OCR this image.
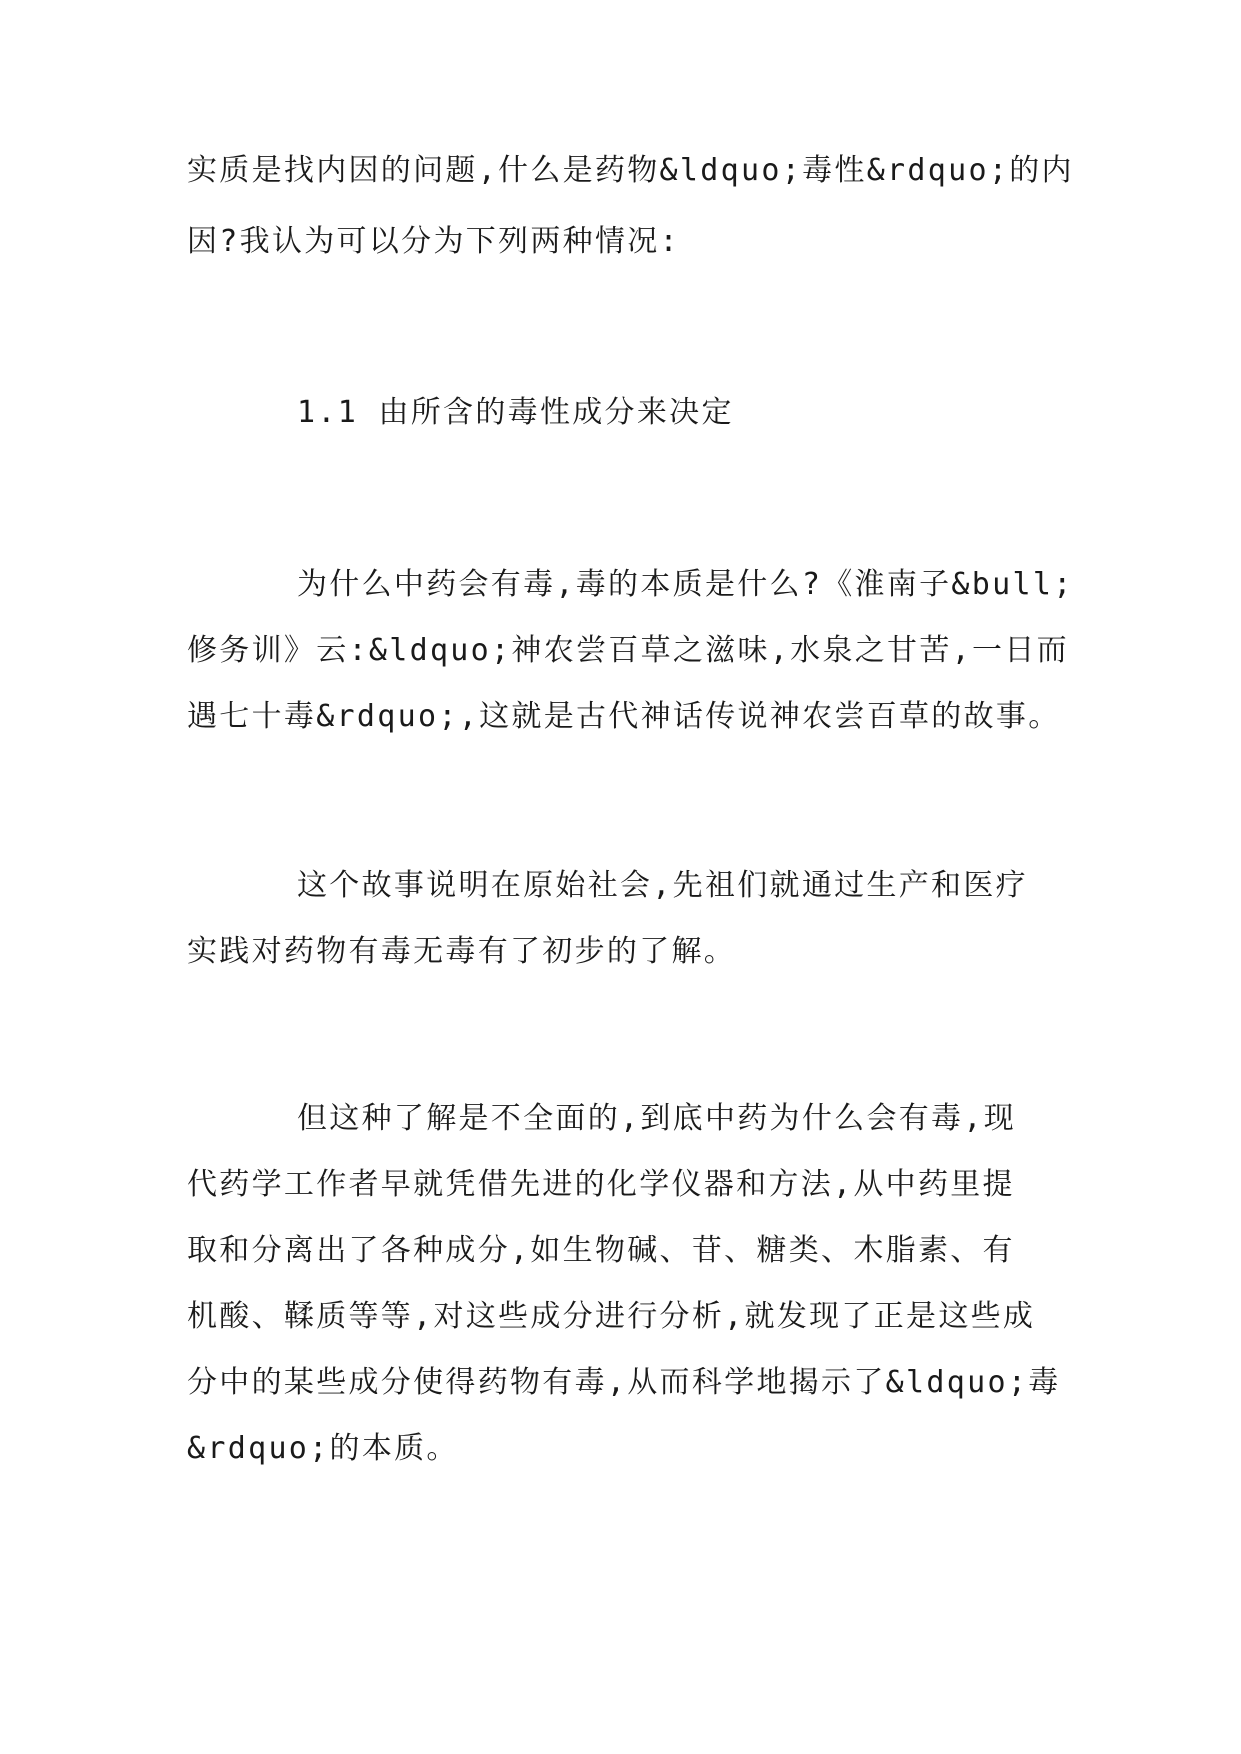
实质是找内因的问题,什么是药物&ldquo;毒性&rdquo;的内
因?我认为可以分为下列两种情况:
1.1 由所含的毒性成分来决定
为什么中药会有毒,毒的本质是什么?《淮南子&bull;
修务训》云:&ldquo;神农尝百草之滋味,水泉之甘苦,一日而
遇七十毒&rdquo;,这就是古代神话传说神农尝百草的故事。
这个故事说明在原始社会,先祖们就通过生产和医疗
实践对药物有毒无毒有了初步的了解。
但这种了解是不全面的,到底中药为什么会有毒,现
代药学工作者早就凭借先进的化学仪器和方法,从中药里提
取和分离出了各种成分,如生物碱、苷、糖类、木脂素、有
机酸、鞣质等等,对这些成分进行分析,就发现了正是这些成
分中的某些成分使得药物有毒,从而科学地揭示了&ldquo;毒
&rdquo;的本质。
